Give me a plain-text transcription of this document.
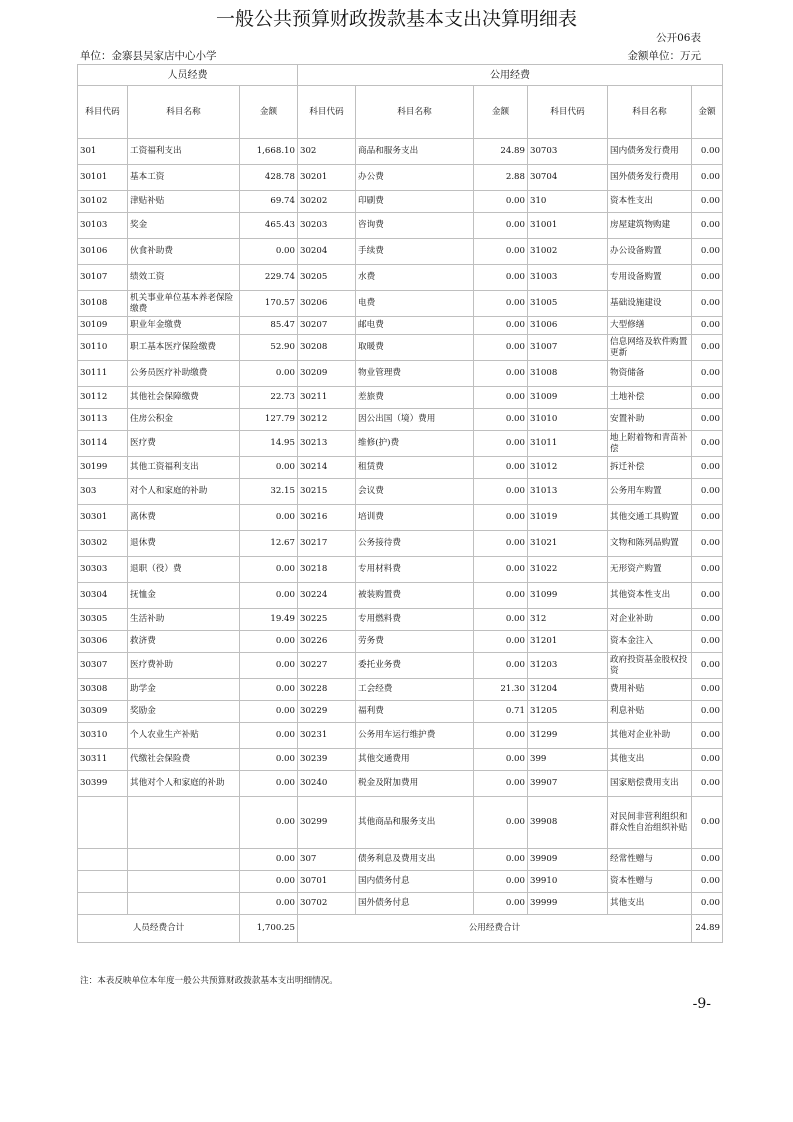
一般公共预算财政拨款基本支出决算明细表
公开06表
单位：金寨县吴家店中心小学	金额单位：万元
人员经费			公用经费					
科目代码	科目名称	金额	科目代码	科目名称	金额	科目代码	科目名称	金额
301	工资福利支出	1,668.10	302	商品和服务支出	24.89	30703	国内债务发行费用	0.00
30101	基本工资	428.78	30201	办公费	2.88	30704	国外债务发行费用	0.00
30102	津贴补贴	69.74	30202	印刷费	0.00	310	资本性支出	0.00
30103	奖金	465.43	30203	咨询费	0.00	31001	房屋建筑物购建	0.00
30106	伙食补助费	0.00	30204	手续费	0.00	31002	办公设备购置	0.00
30107	绩效工资	229.74	30205	水费	0.00	31003	专用设备购置	0.00
30108	机关事业单位基本养老保险缴费	170.57	30206	电费	0.00	31005	基础设施建设	0.00
30109	职业年金缴费	85.47	30207	邮电费	0.00	31006	大型修缮	0.00
30110	职工基本医疗保险缴费	52.90	30208	取暖费	0.00	31007	信息网络及软件购置更新	0.00
30111	公务员医疗补助缴费	0.00	30209	物业管理费	0.00	31008	物资储备	0.00
30112	其他社会保障缴费	22.73	30211	差旅费	0.00	31009	土地补偿	0.00
30113	住房公积金	127.79	30212	因公出国（境）费用	0.00	31010	安置补助	0.00
30114	医疗费	14.95	30213	维修(护)费	0.00	31011	地上附着物和青苗补偿	0.00
30199	其他工资福利支出	0.00	30214	租赁费	0.00	31012	拆迁补偿	0.00
303	对个人和家庭的补助	32.15	30215	会议费	0.00	31013	公务用车购置	0.00
30301	离休费	0.00	30216	培训费	0.00	31019	其他交通工具购置	0.00
30302	退休费	12.67	30217	公务接待费	0.00	31021	文物和陈列品购置	0.00
30303	退职（役）费	0.00	30218	专用材料费	0.00	31022	无形资产购置	0.00
30304	抚恤金	0.00	30224	被装购置费	0.00	31099	其他资本性支出	0.00
30305	生活补助	19.49	30225	专用燃料费	0.00	312	对企业补助	0.00
30306	救济费	0.00	30226	劳务费	0.00	31201	资本金注入	0.00
30307	医疗费补助	0.00	30227	委托业务费	0.00	31203	政府投资基金股权投资	0.00
30308	助学金	0.00	30228	工会经费	21.30	31204	费用补贴	0.00
30309	奖励金	0.00	30229	福利费	0.71	31205	利息补贴	0.00
30310	个人农业生产补贴	0.00	30231	公务用车运行维护费	0.00	31299	其他对企业补助	0.00
30311	代缴社会保险费	0.00	30239	其他交通费用	0.00	399	其他支出	0.00
30399	其他对个人和家庭的补助	0.00	30240	税金及附加费用	0.00	39907	国家赔偿费用支出	0.00
		0.00	30299	其他商品和服务支出	0.00	39908	对民间非营利组织和群众性自治组织补贴	0.00
		0.00	307	债务利息及费用支出	0.00	39909	经常性赠与	0.00
		0.00	30701	国内债务付息	0.00	39910	资本性赠与	0.00
		0.00	30702	国外债务付息	0.00	39999	其他支出	0.00
人员经费合计		1,700.25	公用经费合计					24.89
注：本表反映单位本年度一般公共预算财政拨款基本支出明细情况。
-9-
